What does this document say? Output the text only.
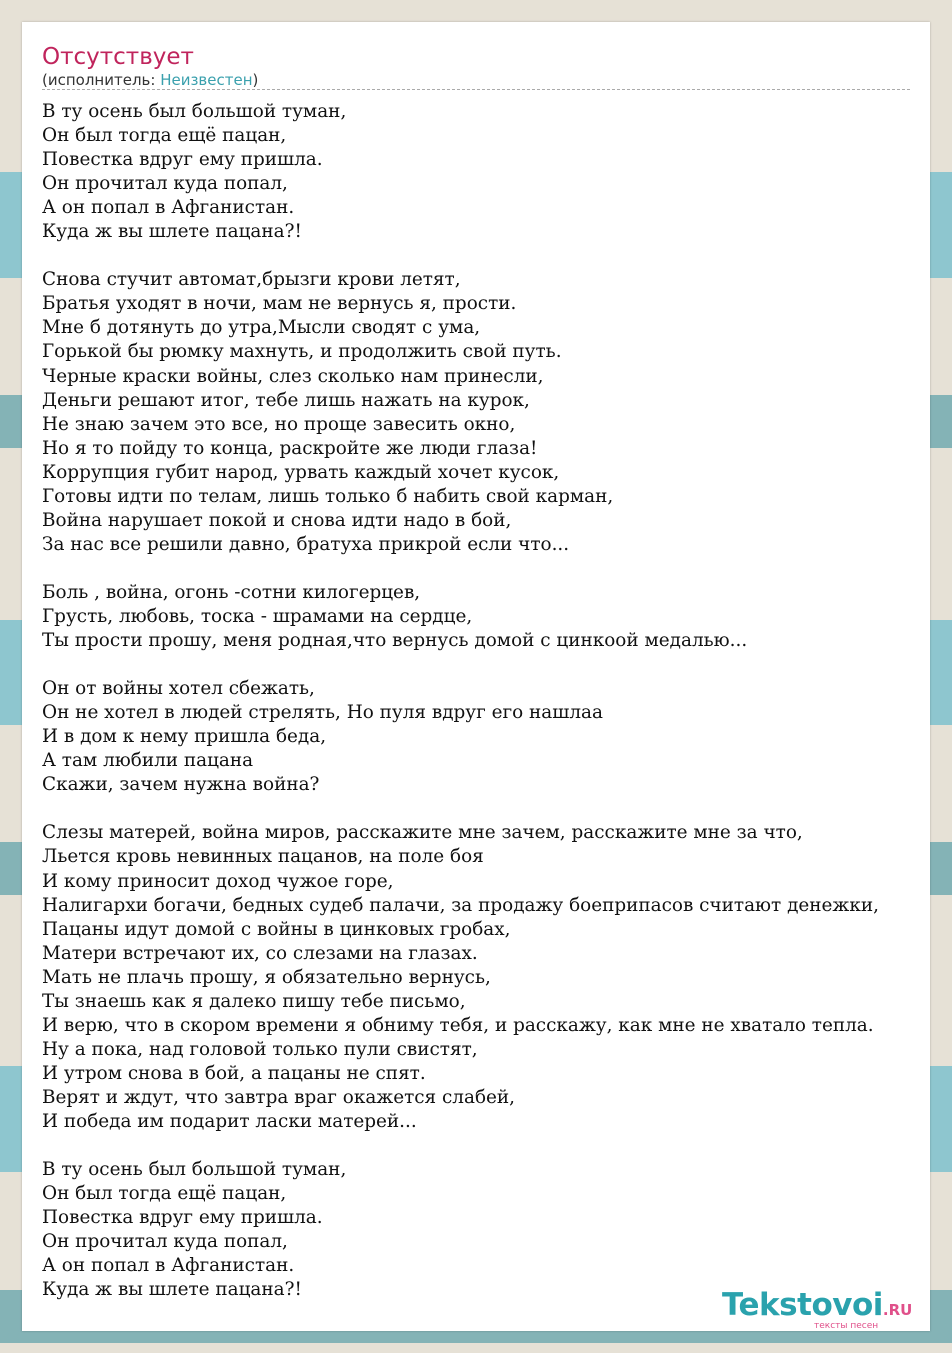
Отсутствует
(исполнитель: Неизвестен)
В ту осень был большой туман,
Он был тогда ещё пацан,
Повестка вдруг ему пришла.
Он прочитал куда попал,
А он попал в Афганистан.
Куда ж вы шлете пацана?!
Снова стучит автомат,брызги крови летят,
Братья уходят в ночи, мам не вернусь я, прости.
Мне б дотянуть до утра,Мысли сводят с ума,
Горькой бы рюмку махнуть, и продолжить свой путь.
Черные краски войны, слез сколько нам принесли,
Деньги решают итог, тебе лишь нажать на курок,
Не знаю зачем это все, но проще завесить окно,
Но я то пойду то конца, раскройте же люди глаза!
Коррупция губит народ, урвать каждый хочет кусок,
Готовы идти по телам, лишь только б набить свой карман,
Война нарушает покой и снова идти надо в бой,
За нас все решили давно, братуха прикрой если что...
Боль , война, огонь -сотни килогерцев,
Грусть, любовь, тоска - шрамами на сердце,
Ты прости прошу, меня родная,что вернусь домой с цинкоой медалью...
Он от войны хотел сбежать,
Он не хотел в людей стрелять, Но пуля вдруг его нашлаа
И в дом к нему пришла беда,
А там любили пацана
Скажи, зачем нужна война?
Слезы матерей, война миров, расскажите мне зачем, расскажите мне за что,
Льется кровь невинных пацанов, на поле боя
И кому приносит доход чужое горе,
Налигархи богачи, бедных судеб палачи, за продажу боеприпасов считают денежки,
Пацаны идут домой с войны в цинковых гробах,
Матери встречают их, со слезами на глазах.
Мать не плачь прошу, я обязательно вернусь,
Ты знаешь как я далеко пишу тебе письмо,
И верю, что в скором времени я обниму тебя, и расскажу, как мне не хватало тепла.
Ну а пока, над головой только пули свистят,
И утром снова в бой, а пацаны не спят.
Верят и ждут, что завтра враг окажется слабей,
И победа им подарит ласки матерей...
В ту осень был большой туман,
Он был тогда ещё пацан,
Повестка вдруг ему пришла.
Он прочитал куда попал,
А он попал в Афганистан.
Куда ж вы шлете пацана?!	Tekstovoi.RU
тексты песен
